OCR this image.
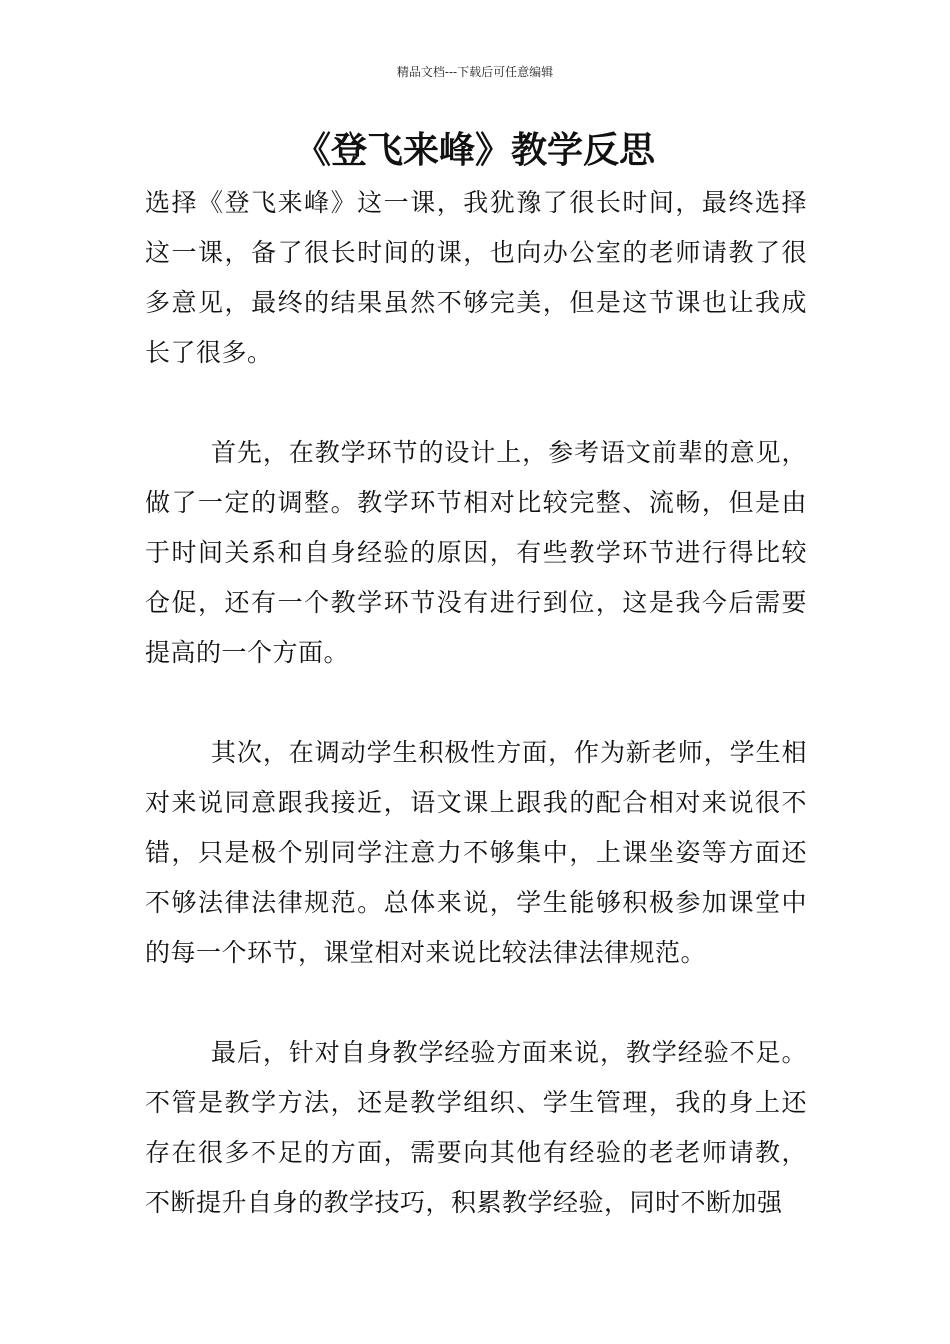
精品文档---下载后可任意编辑
《登飞来峰》教学反思

选择《登飞来峰》这一课，我犹豫了很长时间，最终选择这一课，备了很长时间的课，也向办公室的老师请教了很多意见，最终的结果虽然不够完美，但是这节课也让我成长了很多。

首先，在教学环节的设计上，参考语文前辈的意见，做了一定的调整。教学环节相对比较完整、流畅，但是由于时间关系和自身经验的原因，有些教学环节进行得比较仓促，还有一个教学环节没有进行到位，这是我今后需要提高的一个方面。

其次，在调动学生积极性方面，作为新老师，学生相对来说同意跟我接近，语文课上跟我的配合相对来说很不错，只是极个别同学注意力不够集中，上课坐姿等方面还不够法律法律规范。总体来说，学生能够积极参加课堂中的每一个环节，课堂相对来说比较法律法律规范。

最后，针对自身教学经验方面来说，教学经验不足。不管是教学方法，还是教学组织、学生管理，我的身上还存在很多不足的方面，需要向其他有经验的老老师请教，不断提升自身的教学技巧，积累教学经验，同时不断加强
